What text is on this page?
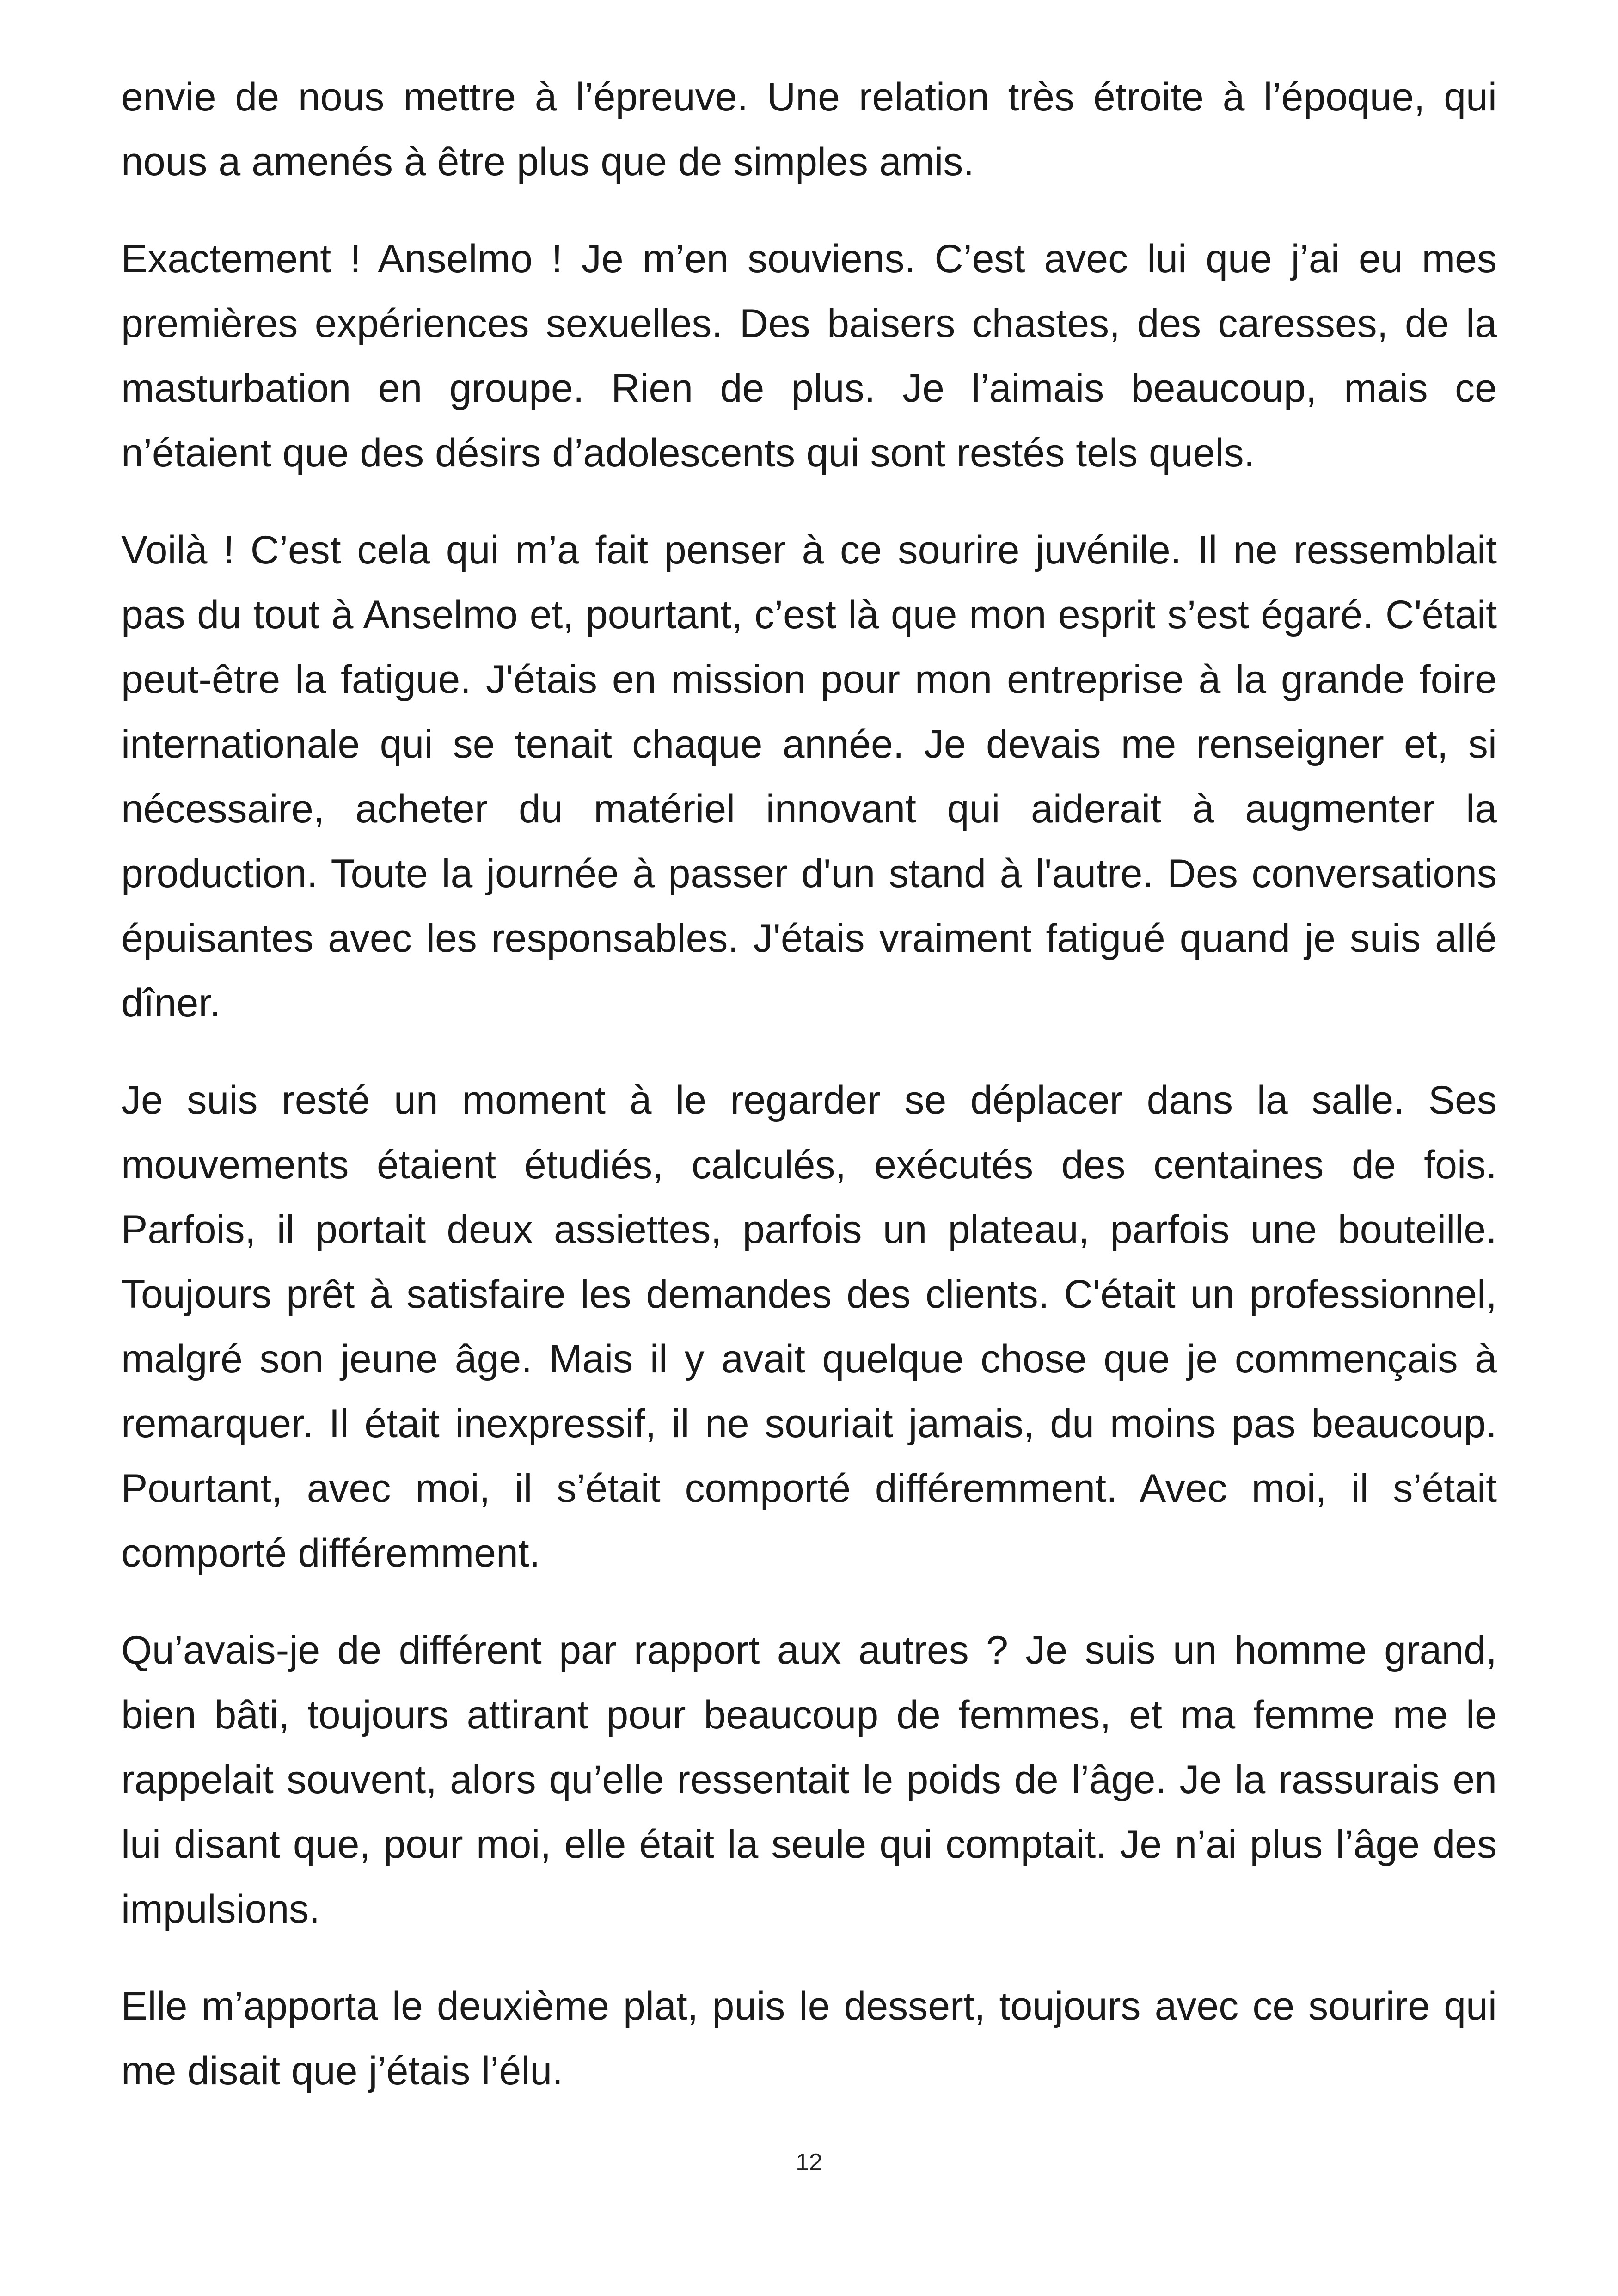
envie de nous mettre à l’épreuve. Une relation très étroite à l’époque, qui nous a amenés à être plus que de simples amis.

Exactement ! Anselmo ! Je m’en souviens. C’est avec lui que j’ai eu mes premières expériences sexuelles. Des baisers chastes, des caresses, de la masturbation en groupe. Rien de plus. Je l’aimais beaucoup, mais ce n’étaient que des désirs d’adolescents qui sont restés tels quels.

Voilà ! C’est cela qui m’a fait penser à ce sourire juvénile. Il ne ressemblait pas du tout à Anselmo et, pourtant, c’est là que mon esprit s’est égaré. C'était peut-être la fatigue. J'étais en mission pour mon entreprise à la grande foire internationale qui se tenait chaque année. Je devais me renseigner et, si nécessaire, acheter du matériel innovant qui aiderait à augmenter la production. Toute la journée à passer d'un stand à l'autre. Des conversations épuisantes avec les responsables. J'étais vraiment fatigué quand je suis allé dîner.

Je suis resté un moment à le regarder se déplacer dans la salle. Ses mouvements étaient étudiés, calculés, exécutés des centaines de fois. Parfois, il portait deux assiettes, parfois un plateau, parfois une bouteille. Toujours prêt à satisfaire les demandes des clients. C'était un professionnel, malgré son jeune âge. Mais il y avait quelque chose que je commençais à remarquer. Il était inexpressif, il ne souriait jamais, du moins pas beaucoup. Pourtant, avec moi, il s’était comporté différemment. Avec moi, il s’était comporté différemment.

Qu’avais-je de différent par rapport aux autres ? Je suis un homme grand, bien bâti, toujours attirant pour beaucoup de femmes, et ma femme me le rappelait souvent, alors qu’elle ressentait le poids de l’âge. Je la rassurais en lui disant que, pour moi, elle était la seule qui comptait. Je n’ai plus l’âge des impulsions.

Elle m’apporta le deuxième plat, puis le dessert, toujours avec ce sourire qui me disait que j’étais l’élu.

12
